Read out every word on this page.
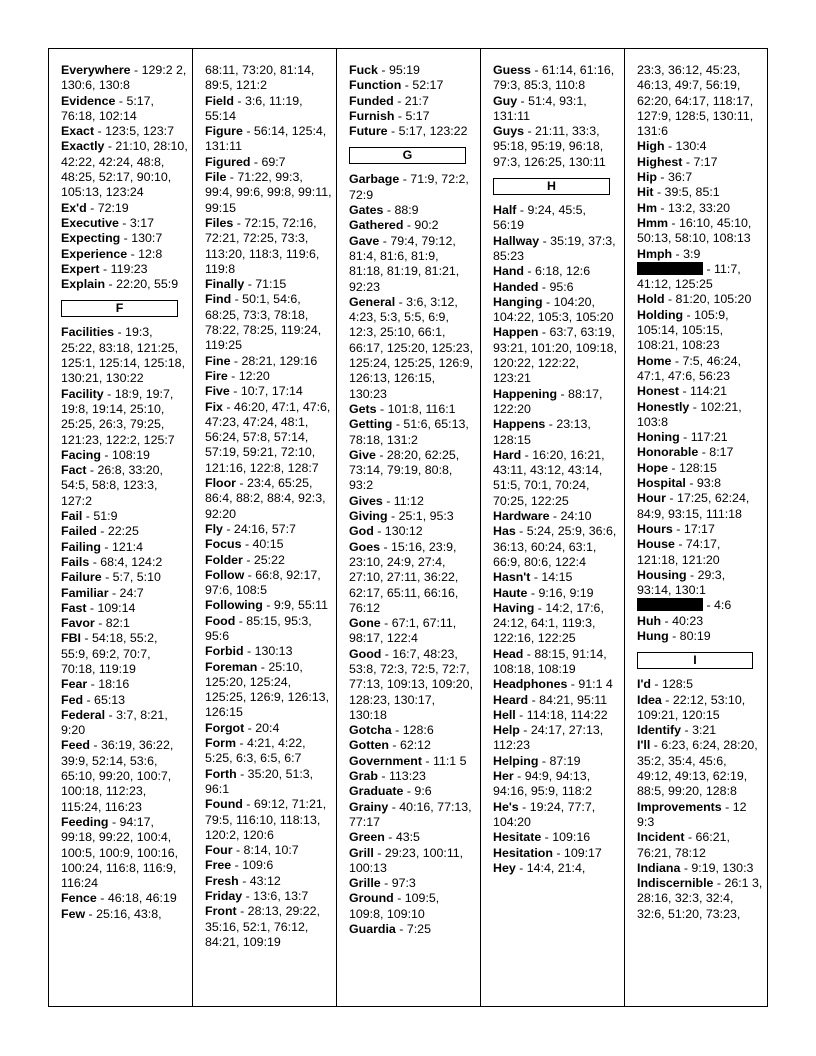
Everywhere - 129:2 2, 130:6, 130:8
Evidence - 5:17, 76:18, 102:14
Exact - 123:5, 123:7
Exactly - 21:10, 28:10, 42:22, 42:24, 48:8, 48:25, 52:17, 90:10, 105:13, 123:24
Ex'd - 72:19
Executive - 3:17
Expecting - 130:7
Experience - 12:8
Expert - 119:23
Explain - 22:20, 55:9
F
Facilities - 19:3, 25:22, 83:18, 121:25, 125:1, 125:14, 125:18, 130:21, 130:22
Facility - 18:9, 19:7, 19:8, 19:14, 25:10, 25:25, 26:3, 79:25, 121:23, 122:2, 125:7
Facing - 108:19
Fact - 26:8, 33:20, 54:5, 58:8, 123:3, 127:2
Fail - 51:9
Failed - 22:25
Failing - 121:4
Fails - 68:4, 124:2
Failure - 5:7, 5:10
Familiar - 24:7
Fast - 109:14
Favor - 82:1
FBI - 54:18, 55:2, 55:9, 69:2, 70:7, 70:18, 119:19
Fear - 18:16
Fed - 65:13
Federal - 3:7, 8:21, 9:20
Feed - 36:19, 36:22, 39:9, 52:14, 53:6, 65:10, 99:20, 100:7, 100:18, 112:23, 115:24, 116:23
Feeding - 94:17, 99:18, 99:22, 100:4, 100:5, 100:9, 100:16, 100:24, 116:8, 116:9, 116:24
Fence - 46:18, 46:19
Few - 25:16, 43:8,
68:11, 73:20, 81:14, 89:5, 121:2
Field - 3:6, 11:19, 55:14
Figure - 56:14, 125:4, 131:11
Figured - 69:7
File - 71:22, 99:3, 99:4, 99:6, 99:8, 99:11, 99:15
Files - 72:15, 72:16, 72:21, 72:25, 73:3, 113:20, 118:3, 119:6, 119:8
Finally - 71:15
Find - 50:1, 54:6, 68:25, 73:3, 78:18, 78:22, 78:25, 119:24, 119:25
Fine - 28:21, 129:16
Fire - 12:20
Five - 10:7, 17:14
Fix - 46:20, 47:1, 47:6, 47:23, 47:24, 48:1, 56:24, 57:8, 57:14, 57:19, 59:21, 72:10, 121:16, 122:8, 128:7
Floor - 23:4, 65:25, 86:4, 88:2, 88:4, 92:3, 92:20
Fly - 24:16, 57:7
Focus - 40:15
Folder - 25:22
Follow - 66:8, 92:17, 97:6, 108:5
Following - 9:9, 55:11
Food - 85:15, 95:3, 95:6
Forbid - 130:13
Foreman - 25:10, 125:20, 125:24, 125:25, 126:9, 126:13, 126:15
Forgot - 20:4
Form - 4:21, 4:22, 5:25, 6:3, 6:5, 6:7
Forth - 35:20, 51:3, 96:1
Found - 69:12, 71:21, 79:5, 116:10, 118:13, 120:2, 120:6
Four - 8:14, 10:7
Free - 109:6
Fresh - 43:12
Friday - 13:6, 13:7
Front - 28:13, 29:22, 35:16, 52:1, 76:12, 84:21, 109:19
Fuck - 95:19
Function - 52:17
Funded - 21:7
Furnish - 5:17
Future - 5:17, 123:22
G
Garbage - 71:9, 72:2, 72:9
Gates - 88:9
Gathered - 90:2
Gave - 79:4, 79:12, 81:4, 81:6, 81:9, 81:18, 81:19, 81:21, 92:23
General - 3:6, 3:12, 4:23, 5:3, 5:5, 6:9, 12:3, 25:10, 66:1, 66:17, 125:20, 125:23, 125:24, 125:25, 126:9, 126:13, 126:15, 130:23
Gets - 101:8, 116:1
Getting - 51:6, 65:13, 78:18, 131:2
Give - 28:20, 62:25, 73:14, 79:19, 80:8, 93:2
Gives - 11:12
Giving - 25:1, 95:3
God - 130:12
Goes - 15:16, 23:9, 23:10, 24:9, 27:4, 27:10, 27:11, 36:22, 62:17, 65:11, 66:16, 76:12
Gone - 67:1, 67:11, 98:17, 122:4
Good - 16:7, 48:23, 53:8, 72:3, 72:5, 72:7, 77:13, 109:13, 109:20, 128:23, 130:17, 130:18
Gotcha - 128:6
Gotten - 62:12
Government - 11:1 5
Grab - 113:23
Graduate - 9:6
Grainy - 40:16, 77:13, 77:17
Green - 43:5
Grill - 29:23, 100:11, 100:13
Grille - 97:3
Ground - 109:5, 109:8, 109:10
Guardia - 7:25
Guess - 61:14, 61:16, 79:3, 85:3, 110:8
Guy - 51:4, 93:1, 131:11
Guys - 21:11, 33:3, 95:18, 95:19, 96:18, 97:3, 126:25, 130:11
H
Half - 9:24, 45:5, 56:19
Hallway - 35:19, 37:3, 85:23
Hand - 6:18, 12:6
Handed - 95:6
Hanging - 104:20, 104:22, 105:3, 105:20
Happen - 63:7, 63:19, 93:21, 101:20, 109:18, 120:22, 122:22, 123:21
Happening - 88:17, 122:20
Happens - 23:13, 128:15
Hard - 16:20, 16:21, 43:11, 43:12, 43:14, 51:5, 70:1, 70:24, 70:25, 122:25
Hardware - 24:10
Has - 5:24, 25:9, 36:6, 36:13, 60:24, 63:1, 66:9, 80:6, 122:4
Hasn't - 14:15
Haute - 9:16, 9:19
Having - 14:2, 17:6, 24:12, 64:1, 119:3, 122:16, 122:25
Head - 88:15, 91:14, 108:18, 108:19
Headphones - 91:1 4
Heard - 84:21, 95:11
Hell - 114:18, 114:22
Help - 24:17, 27:13, 112:23
Helping - 87:19
Her - 94:9, 94:13, 94:16, 95:9, 118:2
He's - 19:24, 77:7, 104:20
Hesitate - 109:16
Hesitation - 109:17
Hey - 14:4, 21:4,
23:3, 36:12, 45:23, 46:13, 49:7, 56:19, 62:20, 64:17, 118:17, 127:9, 128:5, 130:11, 131:6
High - 130:4
Highest - 7:17
Hip - 36:7
Hit - 39:5, 85:1
Hm - 13:2, 33:20
Hmm - 16:10, 45:10, 50:13, 58:10, 108:13
Hmph - 3:9
- 11:7, 41:12, 125:25
Hold - 81:20, 105:20
Holding - 105:9, 105:14, 105:15, 108:21, 108:23
Home - 7:5, 46:24, 47:1, 47:6, 56:23
Honest - 114:21
Honestly - 102:21, 103:8
Honing - 117:21
Honorable - 8:17
Hope - 128:15
Hospital - 93:8
Hour - 17:25, 62:24, 84:9, 93:15, 111:18
Hours - 17:17
House - 74:17, 121:18, 121:20
Housing - 29:3, 93:14, 130:1
- 4:6
Huh - 40:23
Hung - 80:19
I
I'd - 128:5
Idea - 22:12, 53:10, 109:21, 120:15
Identify - 3:21
I'll - 6:23, 6:24, 28:20, 35:2, 35:4, 45:6, 49:12, 49:13, 62:19, 88:5, 99:20, 128:8
Improvements - 12 9:3
Incident - 66:21, 76:21, 78:12
Indiana - 9:19, 130:3
Indiscernible - 26:1 3, 28:16, 32:3, 32:4, 32:6, 51:20, 73:23,
